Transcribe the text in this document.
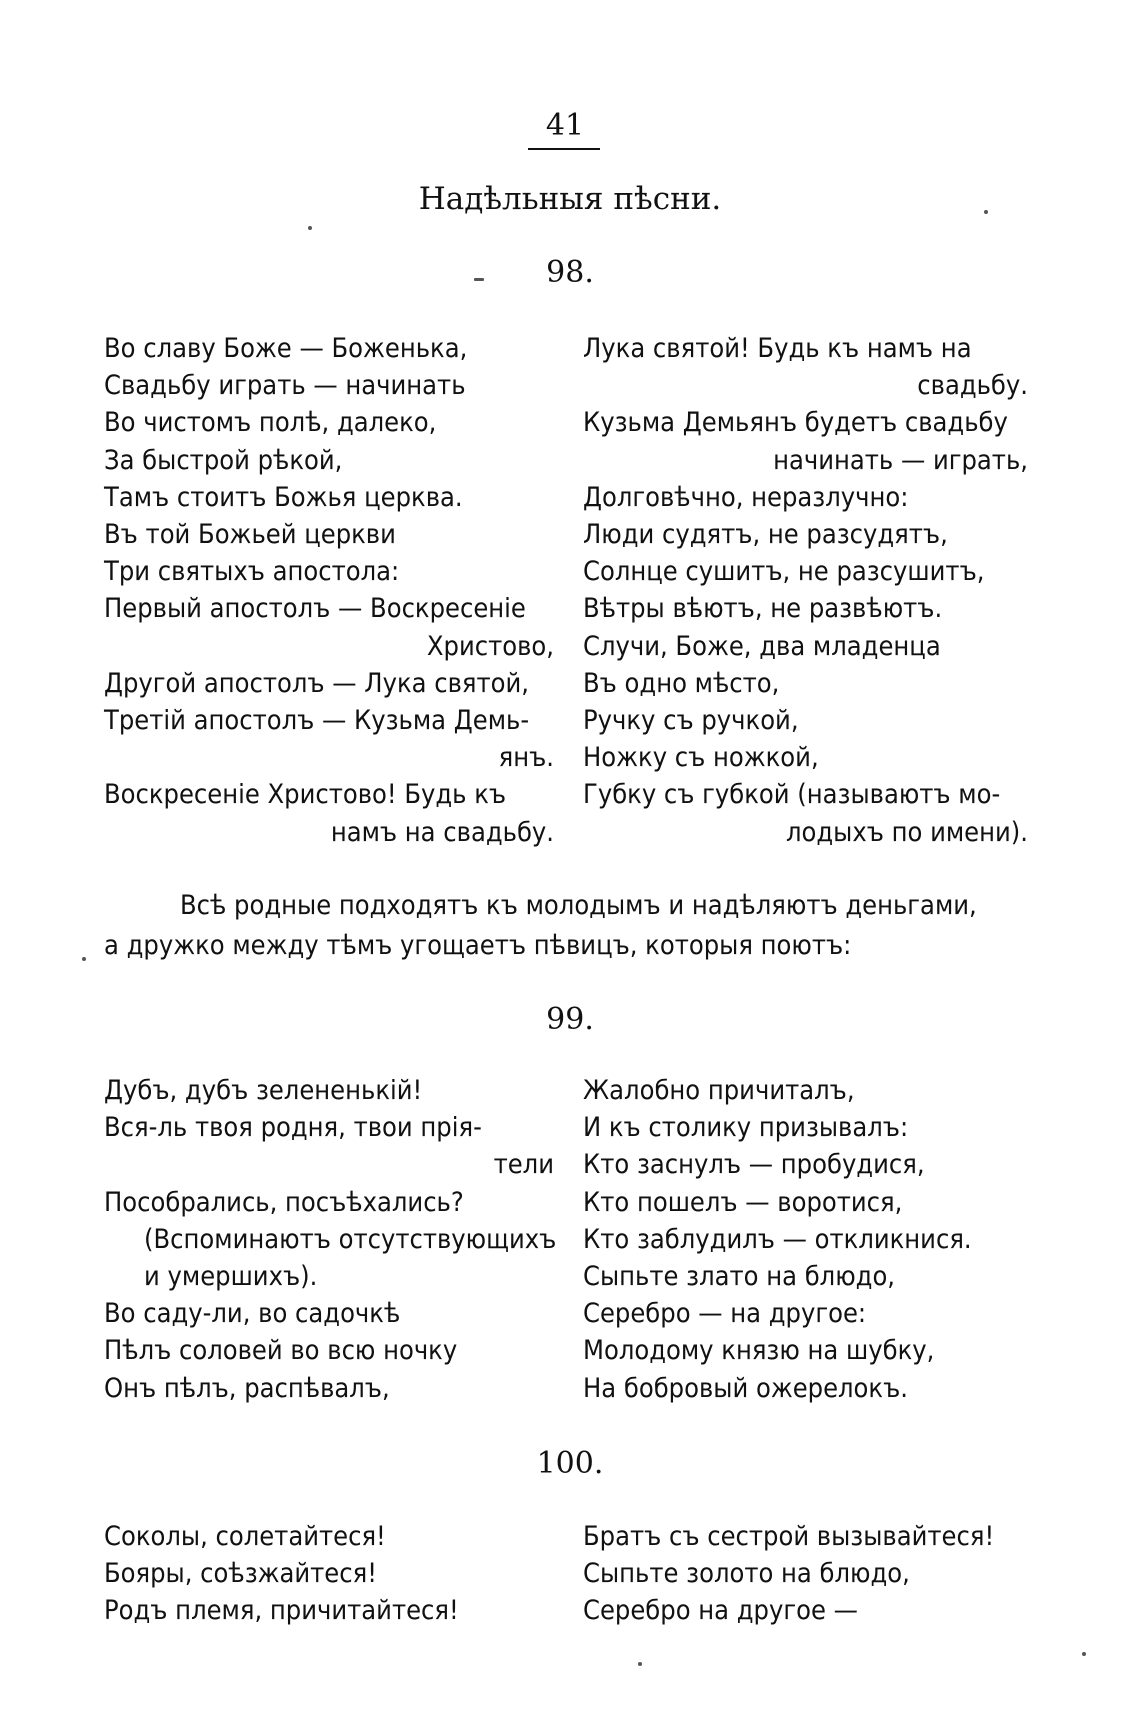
41
Надѣльныя пѣсни.
98.
Во славу Боже — Боженька,
Свадьбу играть — начинать
Во чистомъ полѣ, далеко,
За быстрой рѣкой,
Тамъ стоитъ Божья церква.
Въ той Божьей церкви
Три святыхъ апостола:
Первый апостолъ — Воскресеніе
Христово,
Другой апостолъ — Лука святой,
Третій апостолъ — Кузьма Демь-
янъ.
Воскресеніе Христово! Будь къ
намъ на свадьбу.
Лука святой! Будь къ намъ на
свадьбу.
Кузьма Демьянъ будетъ свадьбу
начинать — играть,
Долговѣчно, неразлучно:
Люди судятъ, не разсудятъ,
Солнце сушитъ, не разсушитъ,
Вѣтры вѣютъ, не развѣютъ.
Случи, Боже, два младенца
Въ одно мѣсто,
Ручку съ ручкой,
Ножку съ ножкой,
Губку съ губкой (называютъ мо-
лодыхъ по имени).
Всѣ родные подходятъ къ молодымъ и надѣляютъ деньгами,
а дружко между тѣмъ угощаетъ пѣвицъ, которыя поютъ:
99.
Дубъ, дубъ зелененькій!
Вся-ль твоя родня, твои прія-
тели
Пособрались, посъѣхались?
(Вспоминаютъ отсутствующихъ
и умершихъ).
Во саду-ли, во садочкѣ
Пѣлъ соловей во всю ночку
Онъ пѣлъ, распѣвалъ,
Жалобно причиталъ,
И къ столику призывалъ:
Кто заснулъ — пробудися,
Кто пошелъ — воротися,
Кто заблудилъ — откликнися.
Сыпьте злато на блюдо,
Серебро — на другое:
Молодому князю на шубку,
На бобровый ожерелокъ.
100.
Соколы, солетайтеся!
Бояры, соѣзжайтеся!
Родъ племя, причитайтеся!
Братъ съ сестрой вызывайтеся!
Сыпьте золото на блюдо,
Серебро на другое —
